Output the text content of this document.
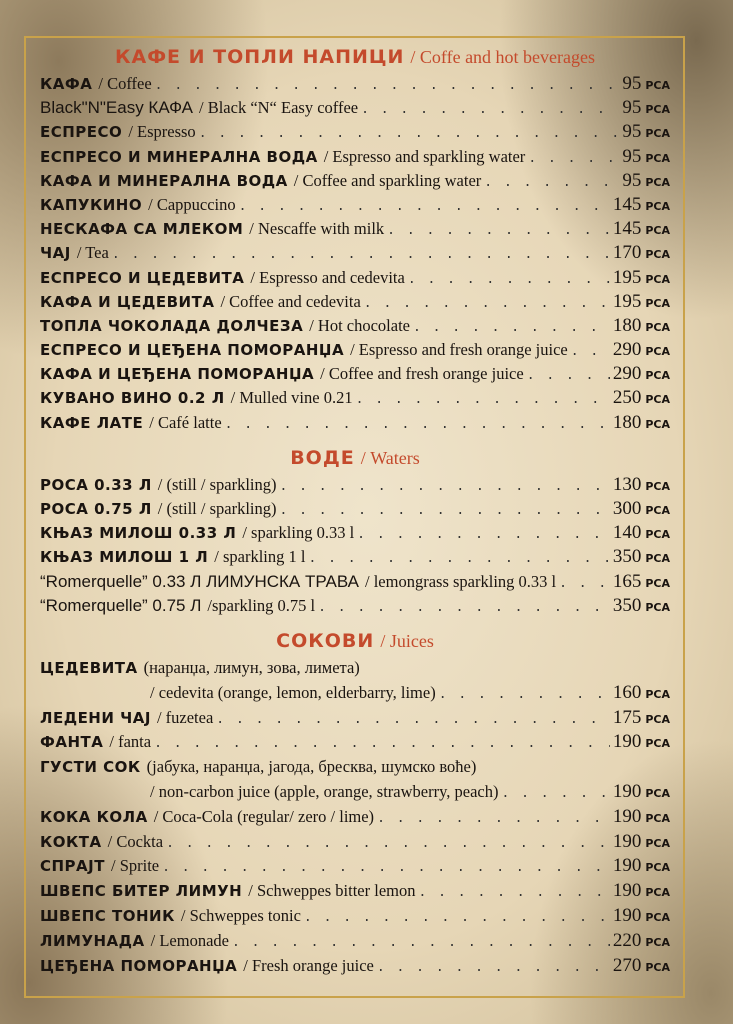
КАФЕ И ТОПЛИ НАПИЦИ / Coffe and hot beverages
КАФА / Coffee . . .	95 РСА
Black"N"Easy КАФА / Black “N“ Easy coffee . . .	95 РСА
ЕСПРЕСО / Espresso . . .	95 РСА
ЕСПРЕСО И МИНЕРАЛНА ВОДА / Espresso and sparkling water . . .	95 РСА
КАФА И МИНЕРАЛНА ВОДА / Coffee and sparkling water . . .	95 РСА
КАПУКИНО / Cappuccino . . .	145 РСА
НЕСКАФА СА МЛЕКОМ / Nescaffe with milk . . .	145 РСА
ЧАЈ / Tea . . .	170 РСА
ЕСПРЕСО И ЦЕДЕВИТА / Espresso and cedevita . . .	195 РСА
КАФА И ЦЕДЕВИТА / Coffee and cedevita . . .	195 РСА
ТОПЛА ЧОКОЛАДА ДОЛЧЕЗА / Hot chocolate . . .	180 РСА
ЕСПРЕСО И ЦЕЂЕНА ПОМОРАНЏА / Espresso and fresh orange juice . . . 290 РСА
КАФА И ЦЕЂЕНА ПОМОРАНЏА / Coffee and fresh orange juice . . .	290 РСА
КУВАНО ВИНО 0.2 Л / Mulled vine 0.21 . . .	250 РСА
КАФЕ ЛАТЕ / Café latte . . .	180 РСА
ВОДЕ / Waters
РОСА 0.33 Л / (still / sparkling) . . .	130 РСА
РОСА 0.75 Л / (still / sparkling) . . .	300 РСА
КЊАЗ МИЛОШ 0.33 Л / sparkling 0.33 l . . .	140 РСА
КЊАЗ МИЛОШ 1 Л / sparkling 1 l . . .	350 РСА
“Romerquelle” 0.33 Л ЛИМУНСКА ТРАВА / lemongrass sparkling 0.33 l . . .	165 РСА
“Romerquelle” 0.75 Л /sparkling 0.75 l . . .	350 РСА
СОКОВИ / Juices
ЦЕДЕВИТА (наранџа, лимун, зова, лимета)
/ cedevita (orange, lemon, elderbarry, lime) . . .	160 РСА
ЛЕДЕНИ ЧАЈ / fuzetea . . .	175 РСА
ФАНТА / fanta . . .	190 РСА
ГУСТИ СОК (јабука, наранџа, јагода, бресква, шумско воће)
/ non-carbon juice (apple, orange, strawberry, peach) . . .	190 РСА
КОКА КОЛА / Coca-Cola (regular/ zero / lime) . . .	190 РСА
КОКТА / Cockta . . .	190 РСА
СПРАЈТ / Sprite . . .	190 РСА
ШВЕПС БИТЕР ЛИМУН / Schweppes bitter lemon . . .	190 РСА
ШВЕПС ТОНИК / Schweppes tonic . . .	190 РСА
ЛИМУНАДА / Lemonade . . .	220 РСА
ЦЕЂЕНА ПОМОРАНЏА / Fresh orange juice . . .	270 РСА
